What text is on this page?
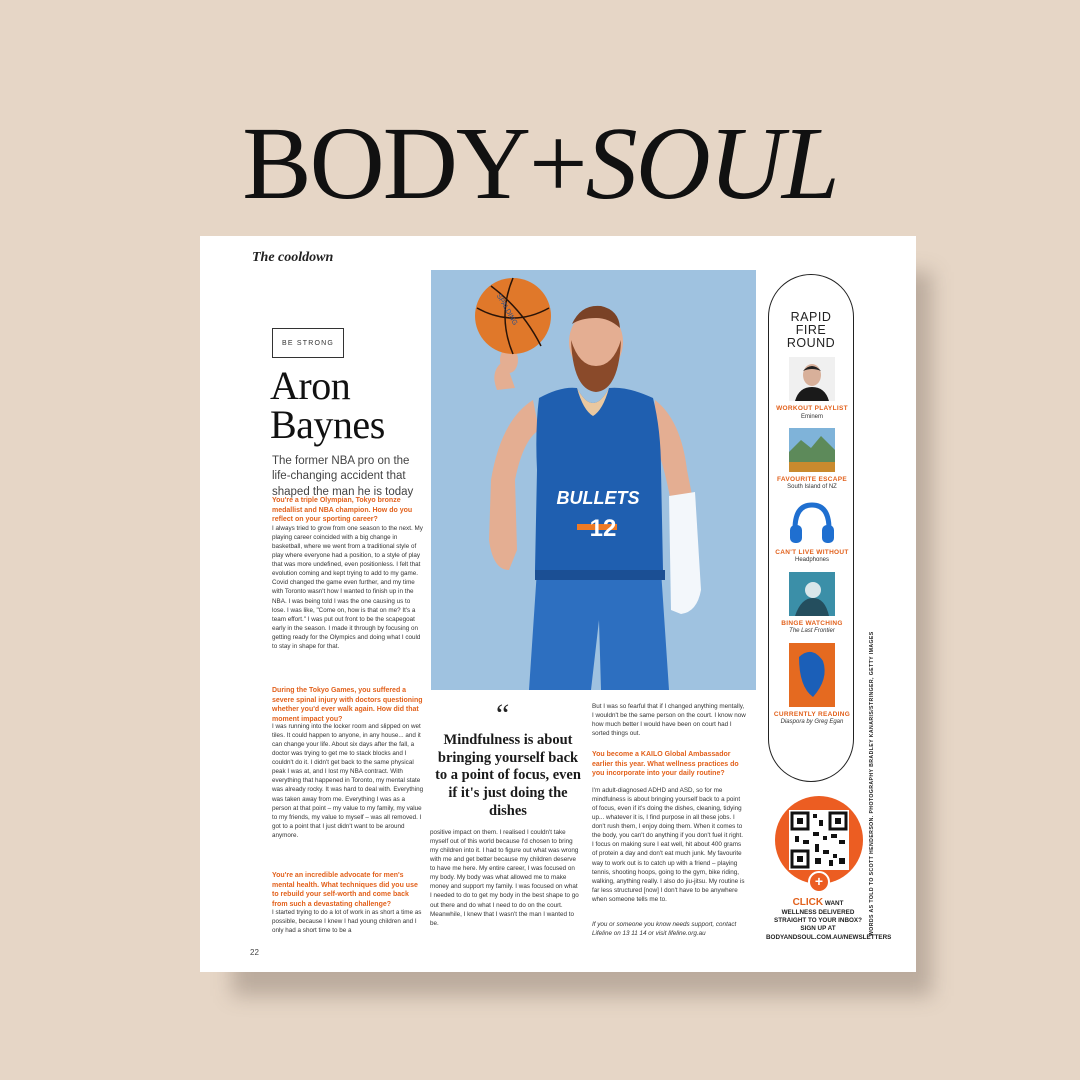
BODY+SOUL
The cooldown
BE STRONG
Aron
Baynes
The former NBA pro on the life-changing accident that shaped the man he is today
You're a triple Olympian, Tokyo bronze medallist and NBA champion. How do you reflect on your sporting career?
I always tried to grow from one season to the next. My playing career coincided with a big change in basketball, where we went from a traditional style of play where everyone had a position, to a style of play that was more undefined, even positionless. I felt that evolution coming and kept trying to add to my game. Covid changed the game even further, and my time with Toronto wasn't how I wanted to finish up in the NBA. I was being told I was the one causing us to lose. I was like, "Come on, how is that on me? It's a team effort." I was put out front to be the scapegoat early in the season. I made it through by focusing on getting ready for the Olympics and doing what I could to stay in shape for that.
During the Tokyo Games, you suffered a severe spinal injury with doctors questioning whether you'd ever walk again. How did that moment impact you?
I was running into the locker room and slipped on wet tiles. It could happen to anyone, in any house... and it can change your life. About six days after the fall, a doctor was trying to get me to stack blocks and I couldn't do it. I didn't get back to the same physical peak I was at, and I lost my NBA contract. With everything that happened in Toronto, my mental state was already rocky. It was hard to deal with. Everything was taken away from me. Everything I was as a person at that point – my value to my family, my value to my friends, my value to myself – was all removed. I got to a point that I just didn't want to be around anymore.
You're an incredible advocate for men's mental health. What techniques did you use to rebuild your self-worth and come back from such a devastating challenge?
I started trying to do a lot of work in as short a time as possible, because I knew I had young children and I only had a short time to be a
SPALDING
BULLETS
12
“
Mindfulness is about bringing yourself back to a point of focus, even if it's just doing the dishes
positive impact on them. I realised I couldn't take myself out of this world because I'd chosen to bring my children into it. I had to figure out what was wrong with me and get better because my children deserve to have me here. My entire career, I was focused on my body. My body was what allowed me to make money and support my family. I was focused on what I needed to do to get my body in the best shape to go out there and do what I need to do on the court. Meanwhile, I knew that I wasn't the man I wanted to be.
But I was so fearful that if I changed anything mentally, I wouldn't be the same person on the court. I know now how much better I would have been on court had I sorted things out.
You become a KAILO Global Ambassador earlier this year. What wellness practices do you incorporate into your daily routine?
I'm adult-diagnosed ADHD and ASD, so for me mindfulness is about bringing yourself back to a point of focus, even if it's doing the dishes, cleaning, tidying up... whatever it is, I find purpose in all these jobs. I don't rush them, I enjoy doing them. When it comes to the body, you can't do anything if you don't fuel it right. I focus on making sure I eat well, hit about 400 grams of protein a day and don't eat much junk. My favourite way to work out is to catch up with a friend – playing tennis, shooting hoops, going to the gym, bike riding, walking, anything really. I also do jiu-jitsu. My routine is far less structured [now] I don't have to be anywhere when someone tells me to.
If you or someone you know needs support, contact Lifeline on 13 11 14 or visit lifeline.org.au
RAPID
FIRE
ROUND
WORKOUT PLAYLIST
Eminem
FAVOURITE ESCAPE
South Island of NZ
CAN'T LIVE WITHOUT
Headphones
BINGE WATCHING
The Last Frontier
CURRENTLY READING
Diaspora by Greg Egan
+
CLICK WANT
WELLNESS DELIVERED STRAIGHT TO YOUR INBOX? SIGN UP AT
BODYANDSOUL.COM.AU/NEWSLETTERS
WORDS AS TOLD TO SCOTT HENDERSON. PHOTOGRAPHY BRADLEY KANARIS/STRINGER, GETTY IMAGES
22
